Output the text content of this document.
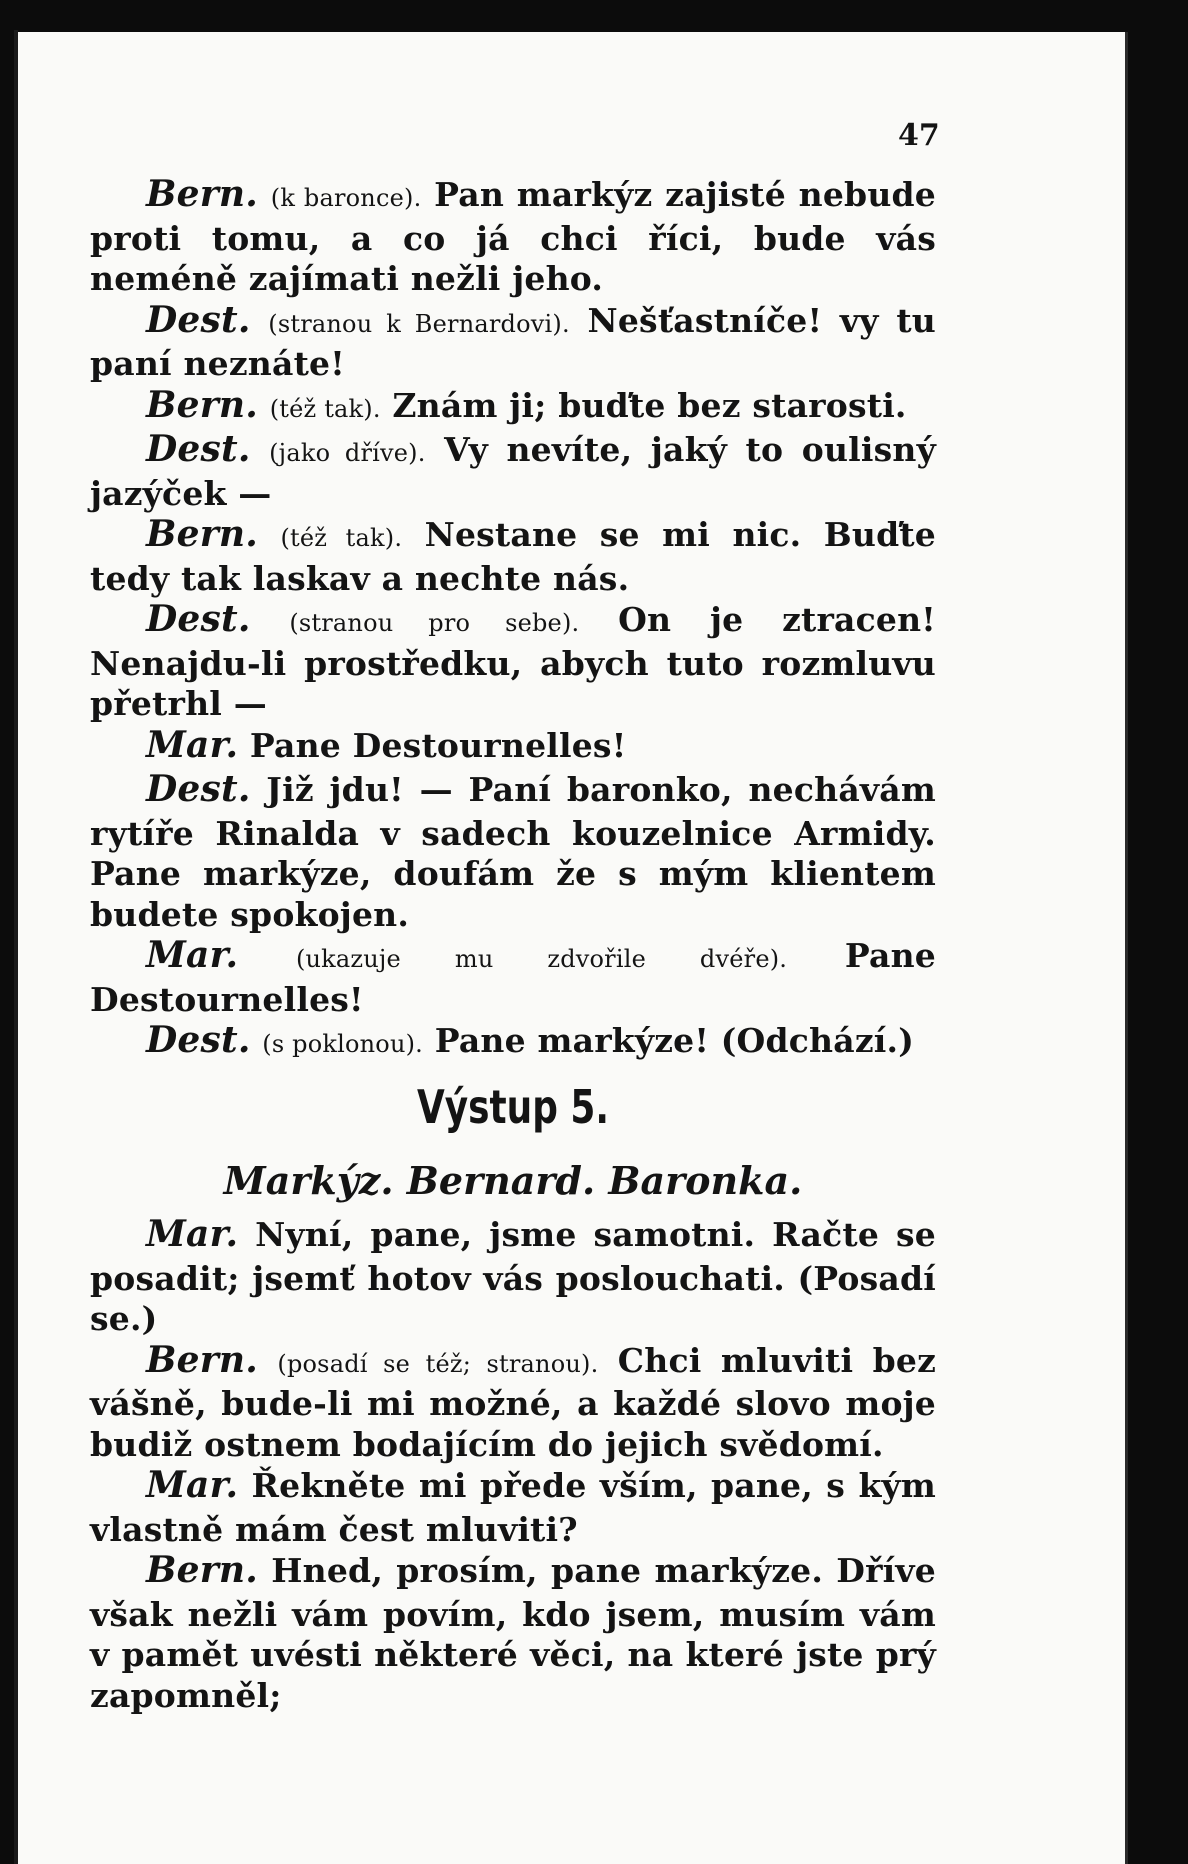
47

Bern. (k baronce). Pan markýz zajisté nebude proti tomu, a co já chci říci, bude vás neméně zajímati nežli jeho.

Dest. (stranou k Bernardovi). Nešťastníče! vy tu paní neznáte!

Bern. (též tak). Znám ji; buďte bez starosti.

Dest. (jako dříve). Vy nevíte, jaký to oulisný jazýček —

Bern. (též tak). Nestane se mi nic. Buďte tedy tak laskav a nechte nás.

Dest. (stranou pro sebe). On je ztracen! Nenajdu-li prostředku, abych tuto rozmluvu přetrhl —

Mar. Pane Destournelles!

Dest. Již jdu! — Paní baronko, nechávám rytíře Rinalda v sadech kouzelnice Armidy. Pane markýze, doufám že s mým klientem budete spokojen.

Mar. (ukazuje mu zdvořile dvéře). Pane Destournelles!

Dest. (s poklonou). Pane markýze! (Odchází.)

Výstup 5.
Markýz. Bernard. Baronka.

Mar. Nyní, pane, jsme samotni. Račte se posadit; jsemť hotov vás poslouchati. (Posadí se.)

Bern. (posadí se též; stranou). Chci mluviti bez vášně, bude-li mi možné, a každé slovo moje budiž ostnem bodajícím do jejich svědomí.

Mar. Řekněte mi přede vším, pane, s kým vlastně mám čest mluviti?

Bern. Hned, prosím, pane markýze. Dříve však nežli vám povím, kdo jsem, musím vám v pamět uvésti některé věci, na které jste prý zapomněl;
